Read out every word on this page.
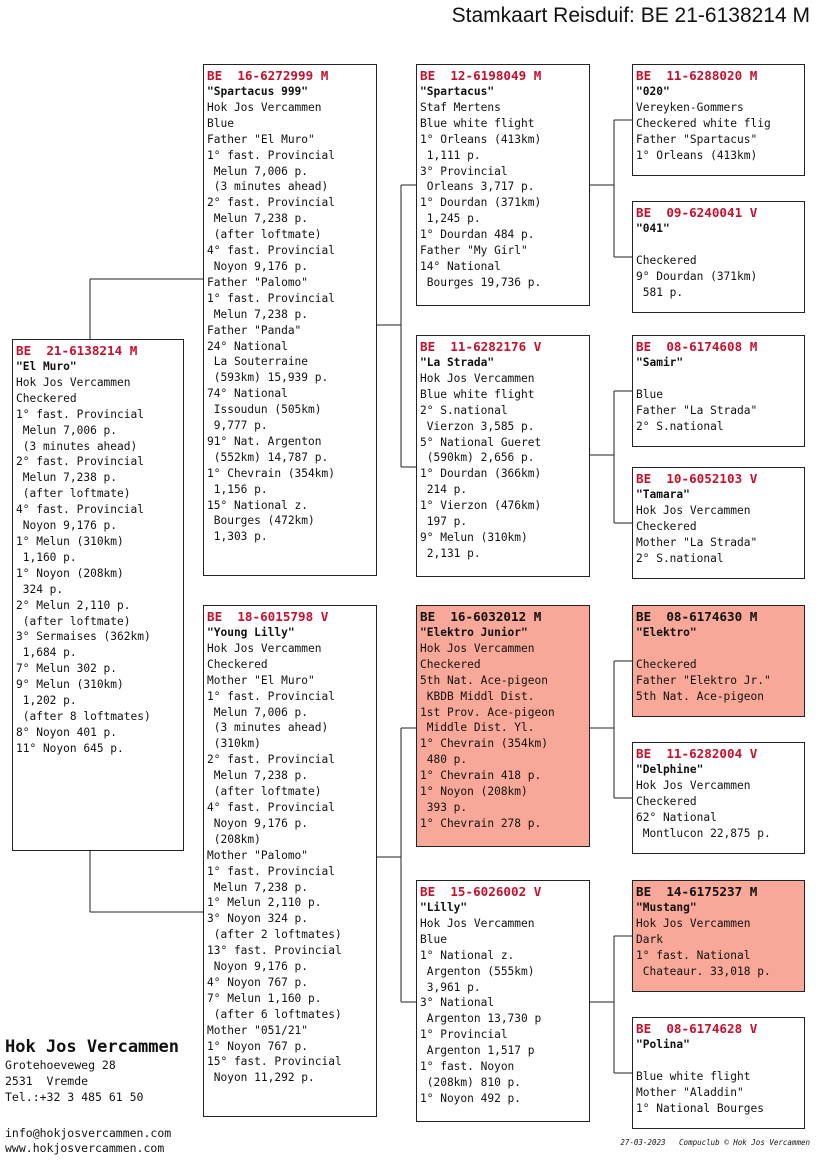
Stamkaart Reisduif: BE 21-6138214 M
BE  21-6138214 M
"El Muro"
Hok Jos Vercammen
Checkered
1° fast. Provincial
Melun 7,006 p.
(3 minutes ahead)
2° fast. Provincial
Melun 7,238 p.
(after loftmate)
4° fast. Provincial
Noyon 9,176 p.
1° Melun (310km)
1,160 p.
1° Noyon (208km)
324 p.
2° Melun 2,110 p.
(after loftmate)
3° Sermaises (362km)
1,684 p.
7° Melun 302 p.
9° Melun (310km)
1,202 p.
(after 8 loftmates)
8° Noyon 401 p.
11° Noyon 645 p.
BE  16-6272999 M
"Spartacus 999"
Hok Jos Vercammen
Blue
Father "El Muro"
1° fast. Provincial
Melun 7,006 p.
(3 minutes ahead)
2° fast. Provincial
Melun 7,238 p.
(after loftmate)
4° fast. Provincial
Noyon 9,176 p.
Father "Palomo"
1° fast. Provincial
Melun 7,238 p.
Father "Panda"
24° National
La Souterraine
(593km) 15,939 p.
74° National
Issoudun (505km)
9,777 p.
91° Nat. Argenton
(552km) 14,787 p.
1° Chevrain (354km)
1,156 p.
15° National z.
Bourges (472km)
1,303 p.
BE  18-6015798 V
"Young Lilly"
Hok Jos Vercammen
Checkered
Mother "El Muro"
1° fast. Provincial
Melun 7,006 p.
(3 minutes ahead)
(310km)
2° fast. Provincial
Melun 7,238 p.
(after loftmate)
4° fast. Provincial
Noyon 9,176 p.
(208km)
Mother "Palomo"
1° fast. Provincial
Melun 7,238 p.
1° Melun 2,110 p.
3° Noyon 324 p.
(after 2 loftmates)
13° fast. Provincial
Noyon 9,176 p.
4° Noyon 767 p.
7° Melun 1,160 p.
(after 6 loftmates)
Mother "051/21"
1° Noyon 767 p.
15° fast. Provincial
Noyon 11,292 p.
BE  12-6198049 M
"Spartacus"
Staf Mertens
Blue white flight
1° Orleans (413km)
1,111 p.
3° Provincial
Orleans 3,717 p.
1° Dourdan (371km)
1,245 p.
1° Dourdan 484 p.
Father "My Girl"
14° National
Bourges 19,736 p.
BE  11-6282176 V
"La Strada"
Hok Jos Vercammen
Blue white flight
2° S.national
Vierzon 3,585 p.
5° National Gueret
(590km) 2,656 p.
1° Dourdan (366km)
214 p.
1° Vierzon (476km)
197 p.
9° Melun (310km)
2,131 p.
BE  16-6032012 M
"Elektro Junior"
Hok Jos Vercammen
Checkered
5th Nat. Ace-pigeon
KBDB Middl Dist.
1st Prov. Ace-pigeon
Middle Dist. Yl.
1° Chevrain (354km)
480 p.
1° Chevrain 418 p.
1° Noyon (208km)
393 p.
1° Chevrain 278 p.
BE  15-6026002 V
"Lilly"
Hok Jos Vercammen
Blue
1° National z.
Argenton (555km)
3,961 p.
3° National
Argenton 13,730 p
1° Provincial
Argenton 1,517 p
1° fast. Noyon
(208km) 810 p.
1° Noyon 492 p.
BE  11-6288020 M
"020"
Vereyken-Gommers
Checkered white flig
Father "Spartacus"
1° Orleans (413km)
BE  09-6240041 V
"041"

Checkered
9° Dourdan (371km)
581 p.
BE  08-6174608 M
"Samir"

Blue
Father "La Strada"
2° S.national
BE  10-6052103 V
"Tamara"
Hok Jos Vercammen
Checkered
Mother "La Strada"
2° S.national
BE  08-6174630 M
"Elektro"

Checkered
Father "Elektro Jr."
5th Nat. Ace-pigeon
BE  11-6282004 V
"Delphine"
Hok Jos Vercammen
Checkered
62° National
Montlucon 22,875 p.
BE  14-6175237 M
"Mustang"
Hok Jos Vercammen
Dark
1° fast. National
Chateaur. 33,018 p.
BE  08-6174628 V
"Polina"

Blue white flight
Mother "Aladdin"
1° National Bourges
Hok Jos Vercammen
Grotehoeveweg 28
2531  Vremde
Tel.:+32 3 485 61 50
info@hokjosvercammen.com
www.hokjosvercammen.com	27-03-2023 Compuclub © Hok Jos Vercammen
